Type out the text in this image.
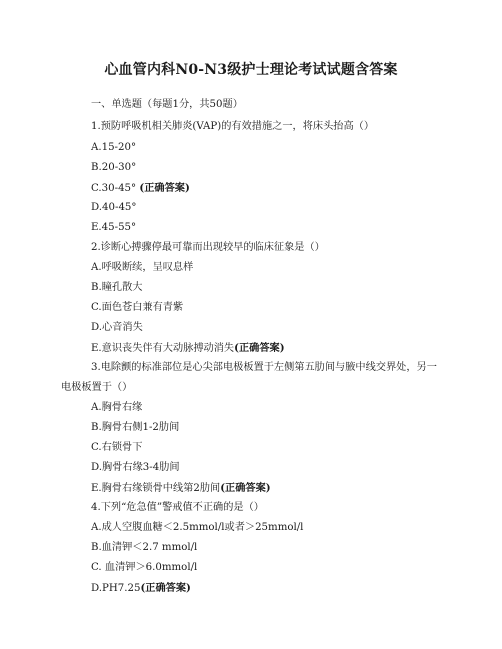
心血管内科N0-N3级护士理论考试试题含答案
一、单选题（每题1分，共50题）
1.预防呼吸机相关肺炎(VAP)的有效措施之一，将床头抬高（）
A.15-20°
B.20-30°
C.30-45° (正确答案)
D.40-45°
E.45-55°
2.诊断心搏骤停最可靠而出现较早的临床征象是（）
A.呼吸断续，呈叹息样
B.瞳孔散大
C.面色苍白兼有青紫
D.心音消失
E.意识丧失伴有大动脉搏动消失(正确答案)
3.电除颤的标准部位是心尖部电极板置于左侧第五肋间与腋中线交界处，另一
电极板置于（）
A.胸骨右缘
B.胸骨右侧1-2肋间
C.右锁骨下
D.胸骨右缘3-4肋间
E.胸骨右缘锁骨中线第2肋间(正确答案)
4.下列“危急值”警戒值不正确的是（）
A.成人空腹血糖＜2.5mmol/l或者＞25mmol/l
B.血清钾＜2.7 mmol/l
C. 血清钾＞6.0mmol/l
D.PH7.25(正确答案)
